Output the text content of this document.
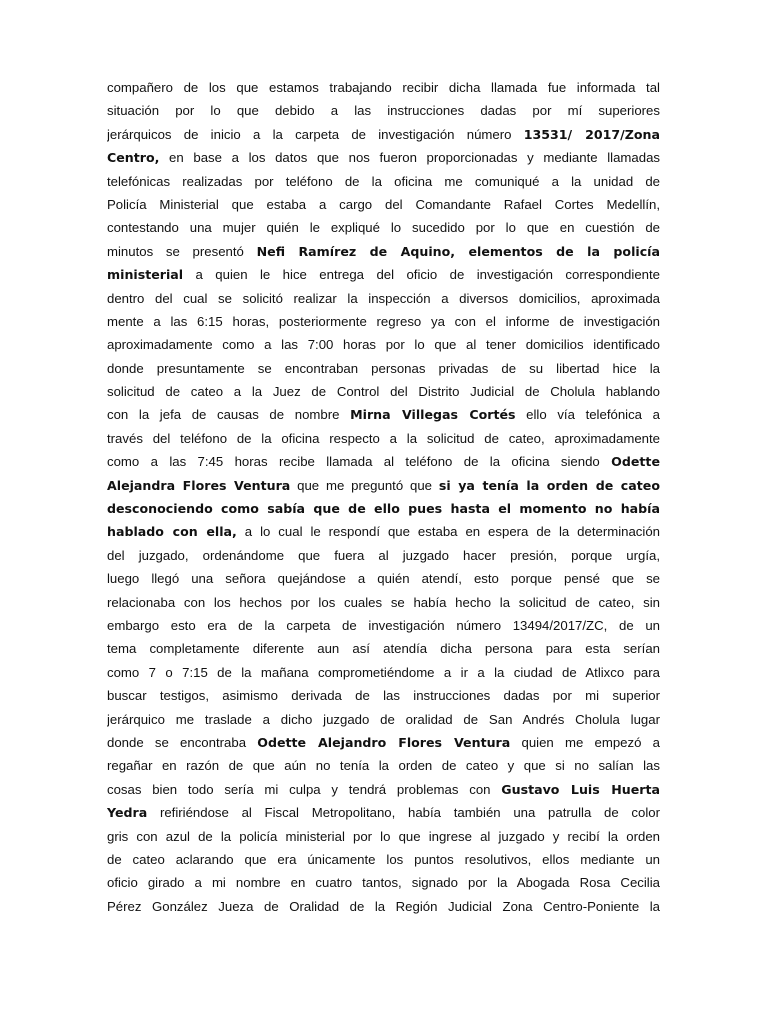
compañero de los que estamos trabajando recibir dicha llamada fue informada tal
situación por lo que debido a las instrucciones dadas por mí superiores
jerárquicos de inicio a la carpeta de investigación número 13531/ 2017/Zona
Centro, en base a los datos que nos fueron proporcionadas y mediante llamadas
telefónicas realizadas por teléfono de la oficina me comuniqué a la unidad de
Policía Ministerial que estaba a cargo del Comandante Rafael Cortes Medellín,
contestando una mujer quién le expliqué lo sucedido por lo que en cuestión de
minutos se presentó Nefi Ramírez de Aquino, elementos de la policía
ministerial a quien le hice entrega del oficio de investigación correspondiente
dentro del cual se solicitó realizar la inspección a diversos domicilios, aproximada
mente a las 6:15 horas, posteriormente regreso ya con el informe de investigación
aproximadamente como a las 7:00 horas por lo que al tener domicilios identificado
donde presuntamente se encontraban personas privadas de su libertad hice la
solicitud de cateo a la Juez de Control del Distrito Judicial de Cholula hablando
con la jefa de causas de nombre Mirna Villegas Cortés ello vía telefónica a
través del teléfono de la oficina respecto a la solicitud de cateo, aproximadamente
como a las 7:45 horas recibe llamada al teléfono de la oficina siendo Odette
Alejandra Flores Ventura que me preguntó que si ya tenía la orden de cateo
desconociendo como sabía que de ello pues hasta el momento no había
hablado con ella, a lo cual le respondí que estaba en espera de la determinación
del juzgado, ordenándome que fuera al juzgado hacer presión, porque urgía,
luego llegó una señora quejándose a quién atendí, esto porque pensé que se
relacionaba con los hechos por los cuales se había hecho la solicitud de cateo, sin
embargo esto era de la carpeta de investigación número 13494/2017/ZC, de un
tema completamente diferente aun así atendía dicha persona para esta serían
como 7 o 7:15 de la mañana comprometiéndome a ir a la ciudad de Atlixco para
buscar testigos, asimismo derivada de las instrucciones dadas por mi superior
jerárquico me traslade a dicho juzgado de oralidad de San Andrés Cholula lugar
donde se encontraba Odette Alejandro Flores Ventura quien me empezó a
regañar en razón de que aún no tenía la orden de cateo y que si no salían las
cosas bien todo sería mi culpa y tendrá problemas con Gustavo Luis Huerta
Yedra refiriéndose al Fiscal Metropolitano, había también una patrulla de color
gris con azul de la policía ministerial por lo que ingrese al juzgado y recibí la orden
de cateo aclarando que era únicamente los puntos resolutivos, ellos mediante un
oficio girado a mi nombre en cuatro tantos, signado por la Abogada Rosa Cecilia
Pérez González Jueza de Oralidad de la Región Judicial Zona Centro-Poniente la
